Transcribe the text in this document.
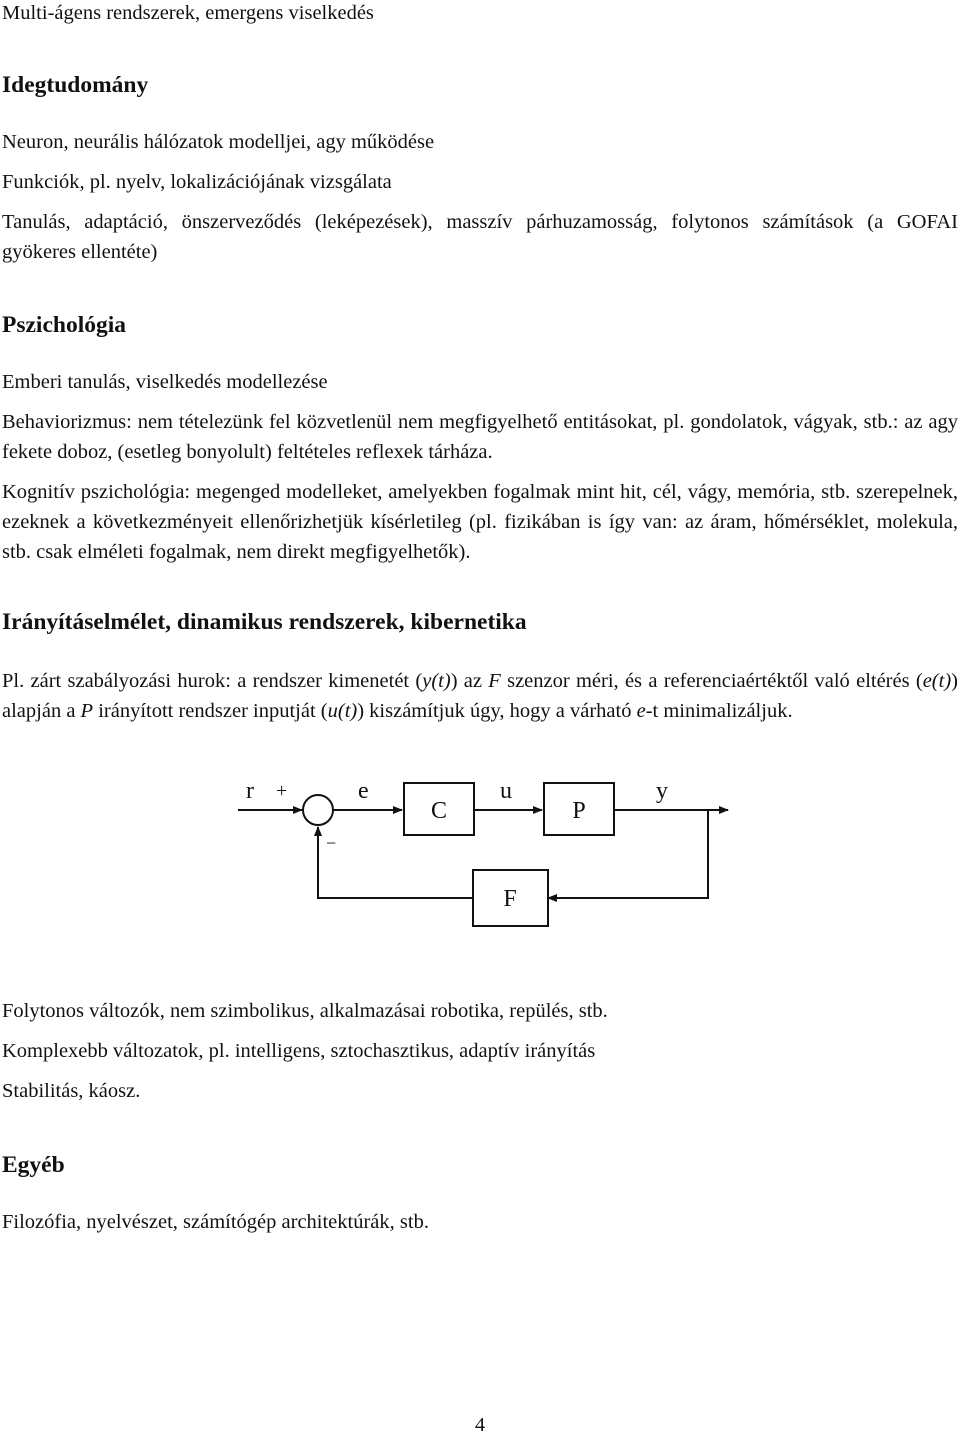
Multi-ágens rendszerek, emergens viselkedés
Idegtudomány

Neuron, neurális hálózatok modelljei, agy működése

Funkciók, pl. nyelv, lokalizációjának vizsgálata

Tanulás, adaptáció, önszerveződés (leképezések), masszív párhuzamosság, folytonos számítások (a GOFAI gyökeres ellentéte)

Pszichológia

Emberi tanulás, viselkedés modellezése

Behaviorizmus: nem tételezünk fel közvetlenül nem megfigyelhető entitásokat, pl. gondolatok, vágyak, stb.: az agy fekete doboz, (esetleg bonyolult) feltételes reflexek tárháza.

Kognitív pszichológia: megenged modelleket, amelyekben fogalmak mint hit, cél, vágy, memória, stb. szerepelnek, ezeknek a következményeit ellenőrizhetjük kísérletileg (pl. fizikában is így van: az áram, hőmérséklet, molekula, stb. csak elméleti fogalmak, nem direkt megfigyelhetők).

Irányításelmélet, dinamikus rendszerek, kibernetika

Pl. zárt szabályozási hurok: a rendszer kimenetét (y(t)) az F szenzor méri, és a referenciaértéktől való eltérés (e(t)) alapján a P irányított rendszer inputját (u(t)) kiszámítjuk úgy, hogy a várható e-t minimalizáljuk.

r +	e	u	y
−
C	P
F

Folytonos változók, nem szimbolikus, alkalmazásai robotika, repülés, stb.

Komplexebb változatok, pl. intelligens, sztochasztikus, adaptív irányítás

Stabilitás, káosz.

Egyéb

Filozófia, nyelvészet, számítógép architektúrák, stb.

4
